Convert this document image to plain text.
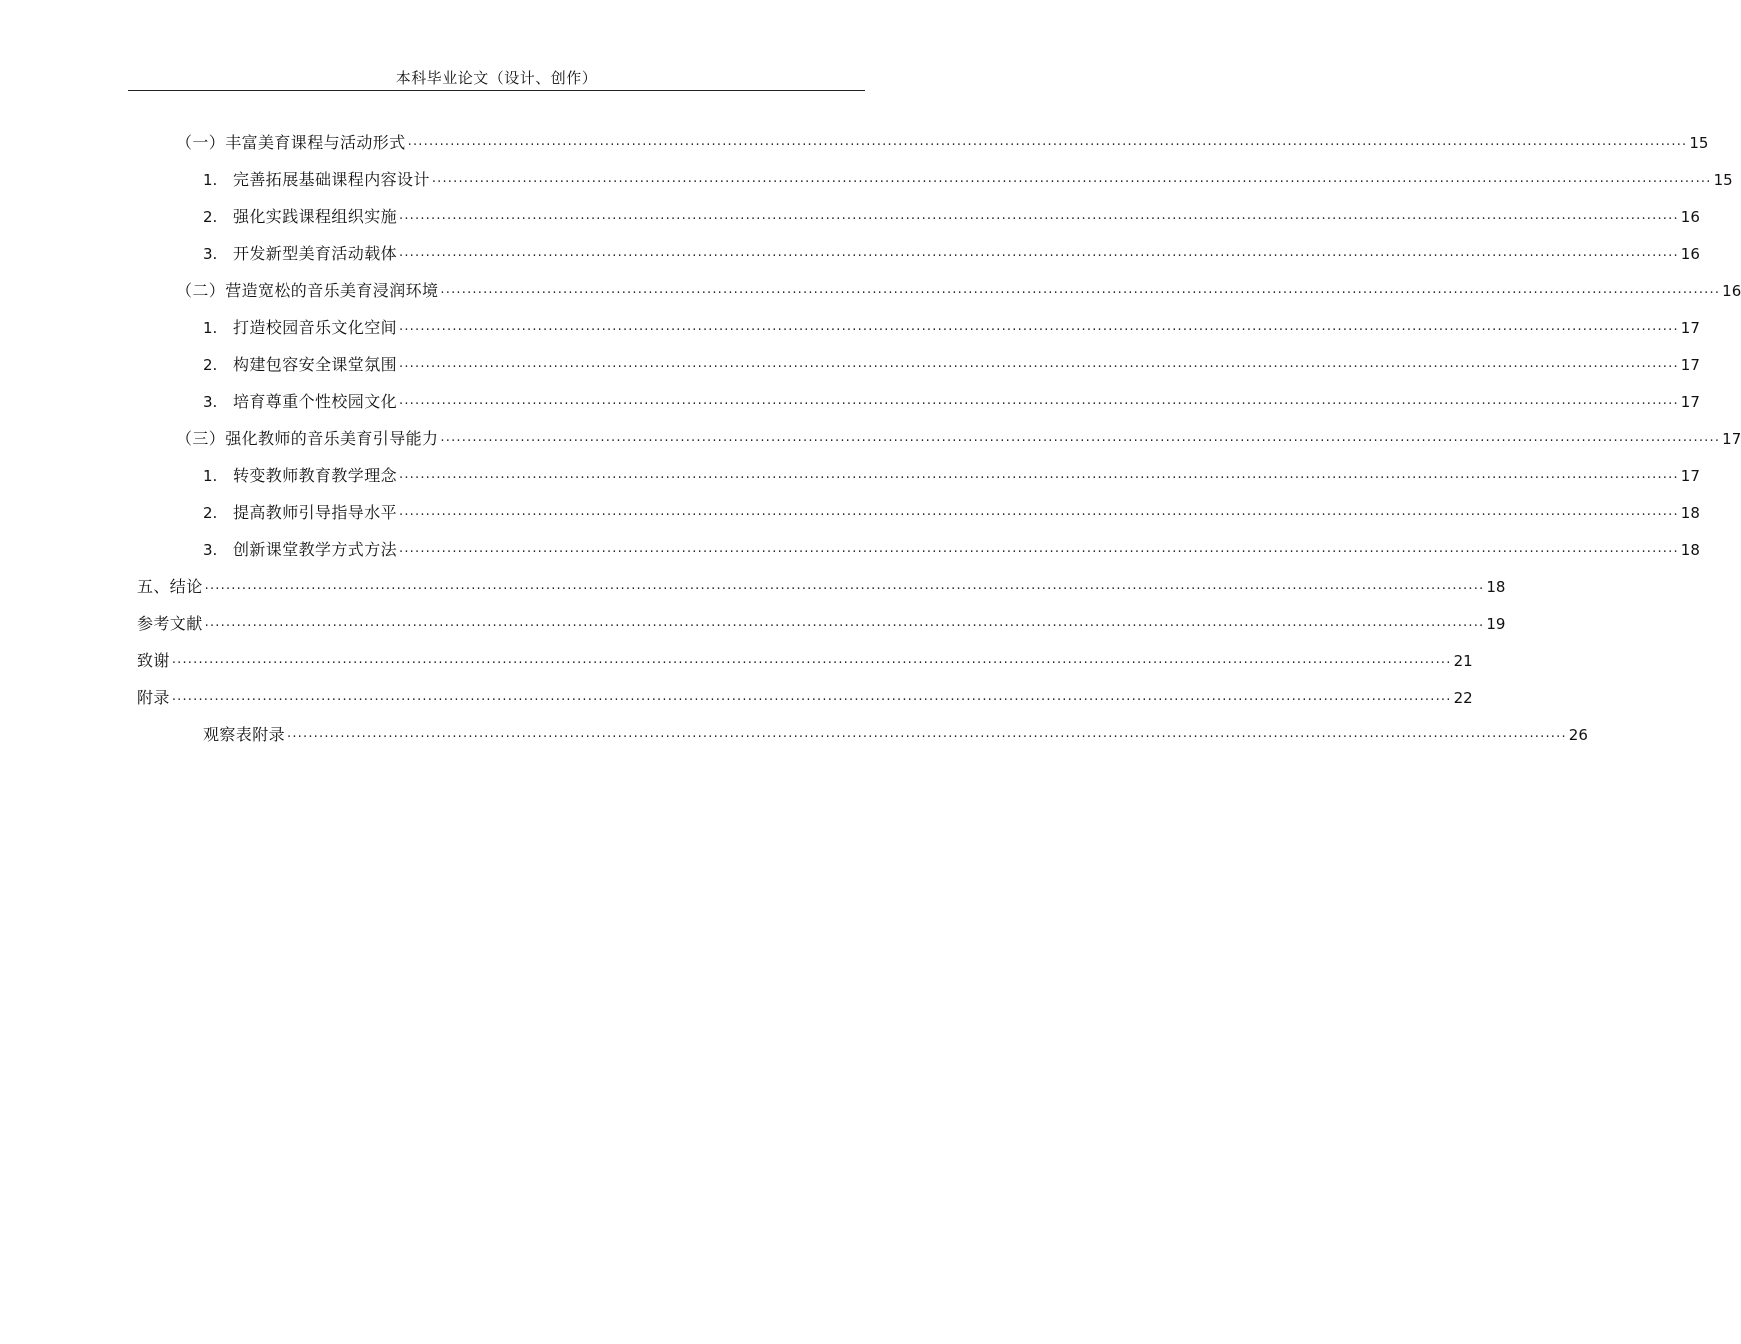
本科毕业论文（设计、创作）
（一）丰富美育课程与活动形式 ................................................................................................................................................................................................................................................ 15
1. 完善拓展基础课程内容设计 ................................................................................................................................................................................................................................................ 15
2. 强化实践课程组织实施 ................................................................................................................................................................................................................................................ 16
3. 开发新型美育活动载体 ................................................................................................................................................................................................................................................ 16
（二）营造宽松的音乐美育浸润环境 ................................................................................................................................................................................................................................................ 16
1. 打造校园音乐文化空间 ................................................................................................................................................................................................................................................ 17
2. 构建包容安全课堂氛围 ................................................................................................................................................................................................................................................ 17
3. 培育尊重个性校园文化 ................................................................................................................................................................................................................................................ 17
（三）强化教师的音乐美育引导能力 ................................................................................................................................................................................................................................................ 17
1. 转变教师教育教学理念 ................................................................................................................................................................................................................................................ 17
2. 提高教师引导指导水平 ................................................................................................................................................................................................................................................ 18
3. 创新课堂教学方式方法 ................................................................................................................................................................................................................................................ 18
五、结论 ................................................................................................................................................................................................................................................ 18
参考文献 ................................................................................................................................................................................................................................................ 19
致谢 ................................................................................................................................................................................................................................................ 21
附录 ................................................................................................................................................................................................................................................ 22
观察表附录 ................................................................................................................................................................................................................................................ 26
